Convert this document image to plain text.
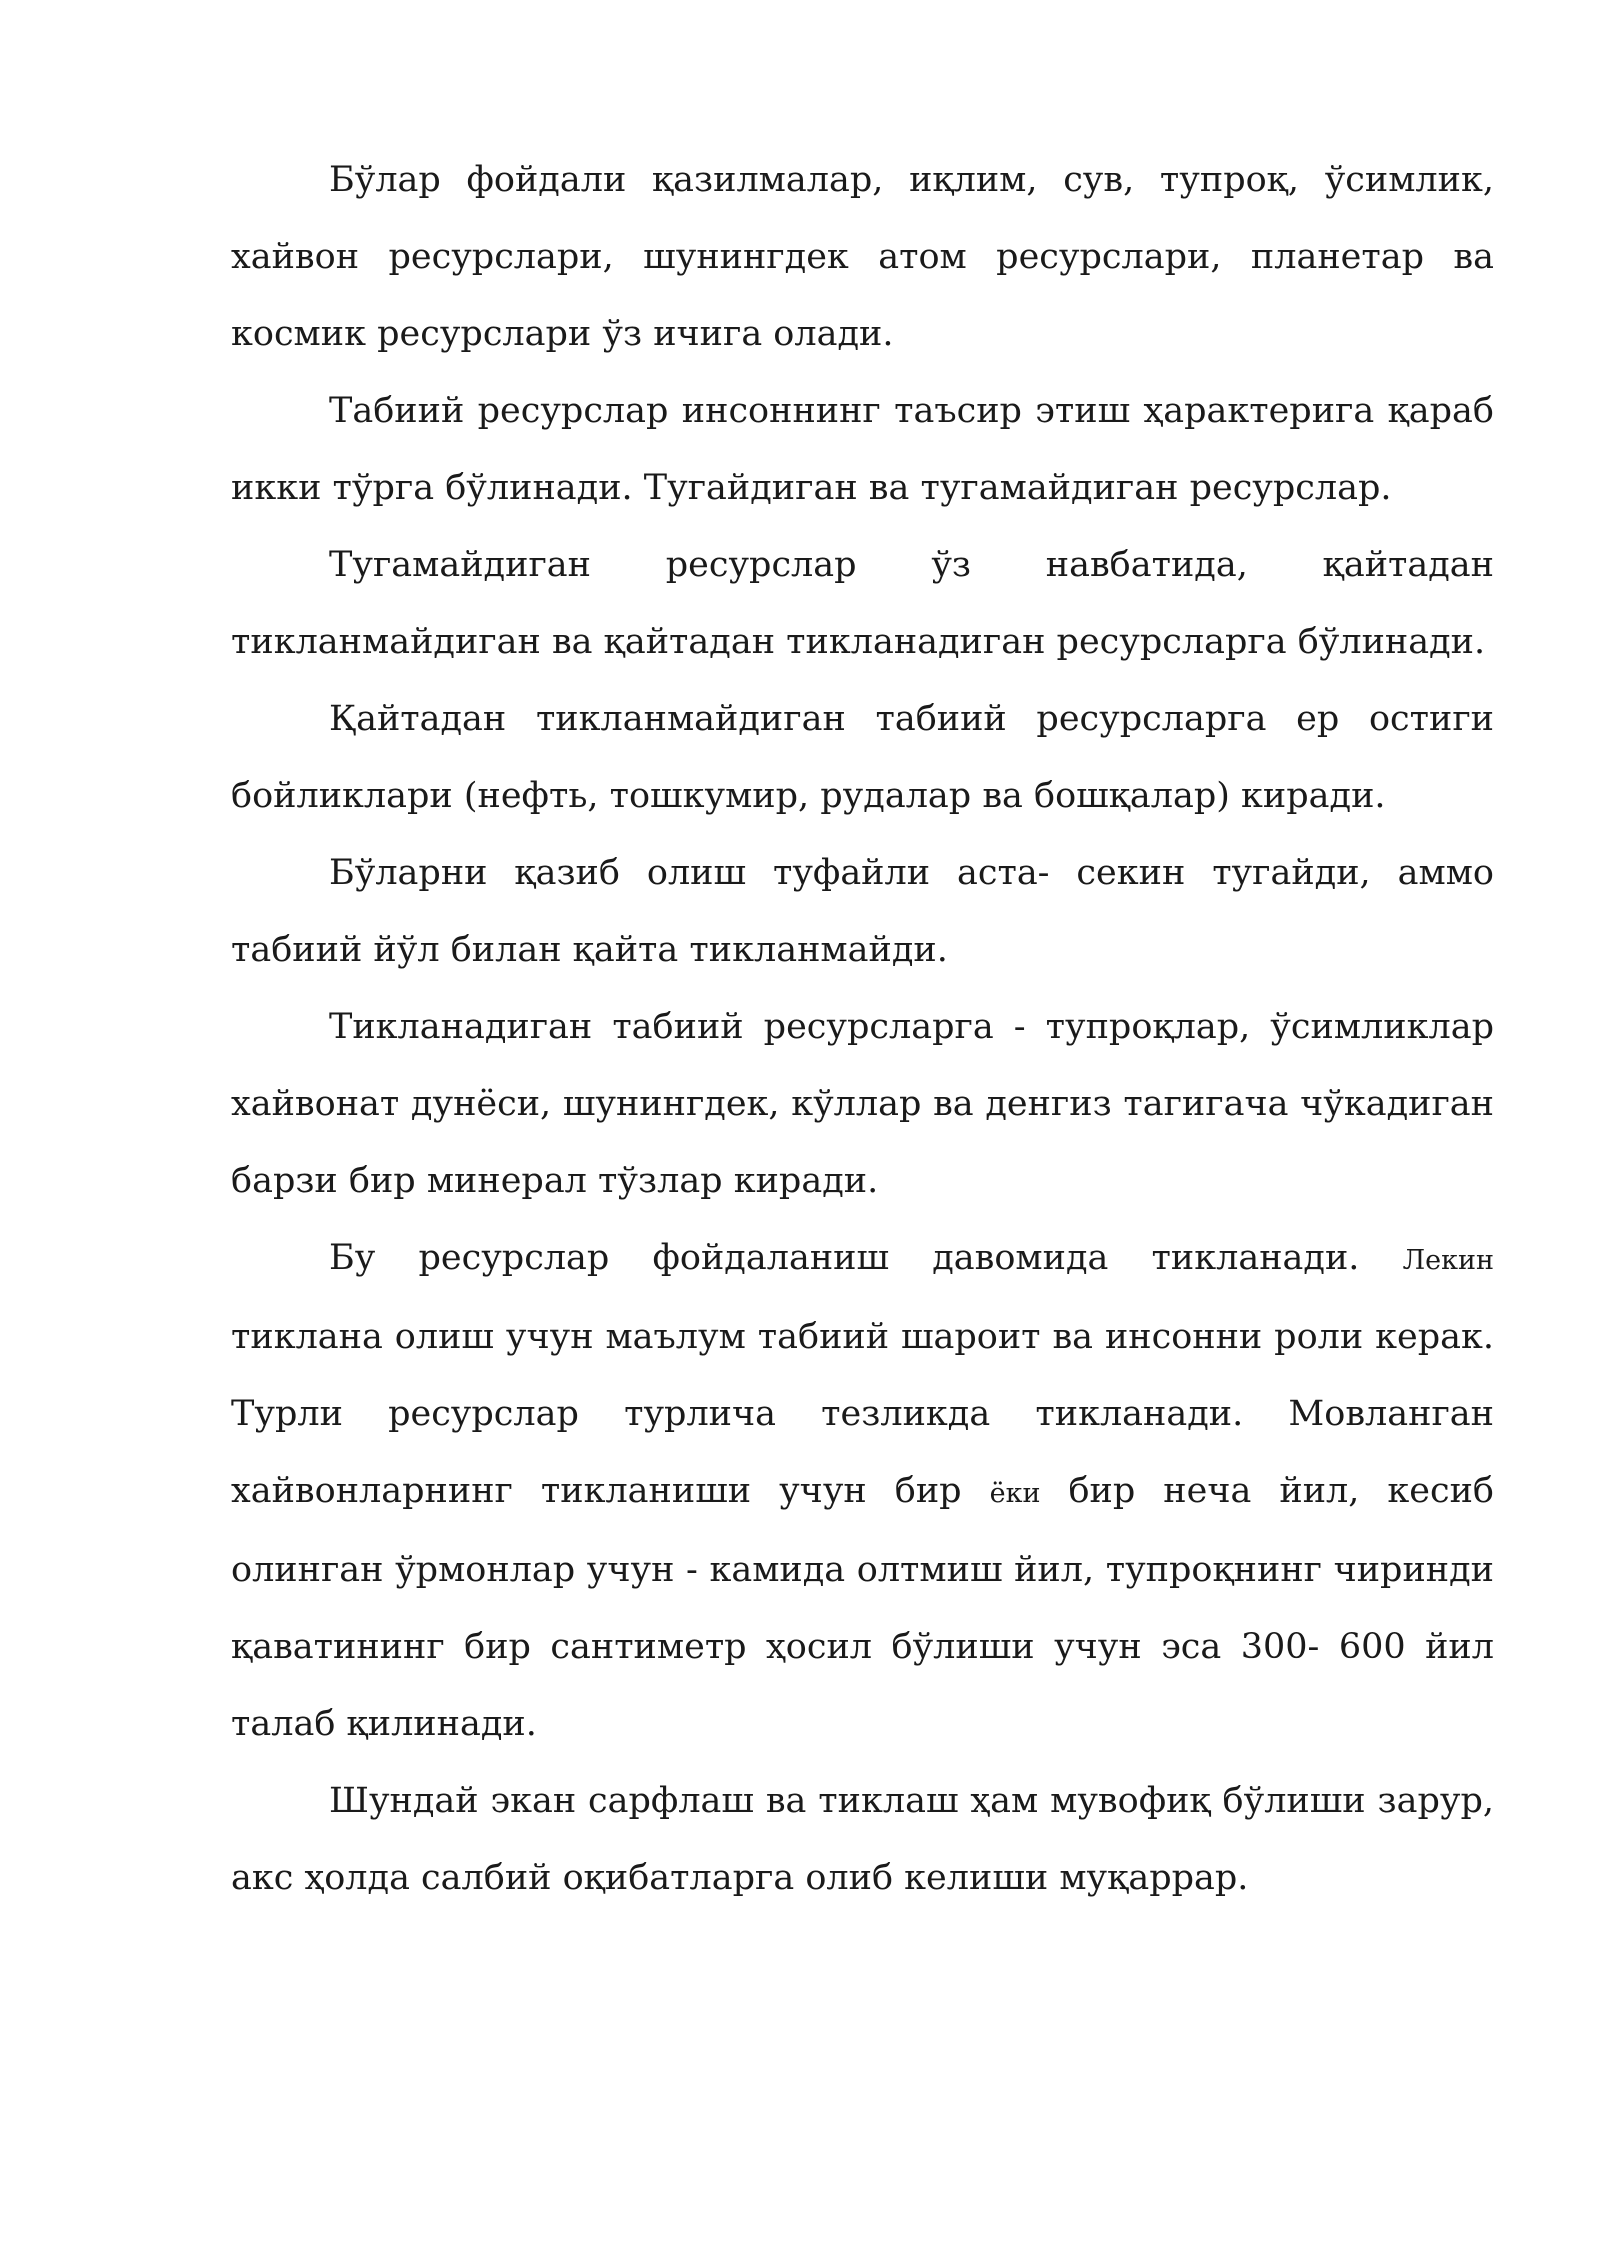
Бўлар фойдали қазилмалар, иқлим, сув, тупроқ, ўсимлик, хайвон ресурслари, шунингдек атом ресурслари, планетар ва космик ресурслари ўз ичига олади.

Табиий ресурслар инсоннинг таъсир этиш ҳарактерига қараб икки тўрга бўлинади. Тугайдиган ва тугамайдиган ресурслар.

Тугамайдиган ресурслар ўз навбатида, қайтадан тикланмайдиган ва қайтадан тикланадиган ресурсларга бўлинади.

Қайтадан тикланмайдиган табиий ресурсларга ер остиги бойликлари (нефть, тошкумир, рудалар ва бошқалар) киради.

Бўларни қазиб олиш туфайли аста- секин тугайди, аммо табиий йўл билан қайта тикланмайди.

Тикланадиган табиий ресурсларга - тупроқлар, ўсимликлар хайвонат дунёси, шунингдек, кўллар ва денгиз тагигача чўкадиган барзи бир минерал тўзлар киради.

Бу ресурслар фойдаланиш давомида тикланади. Лекин тиклана олиш учун маълум табиий шароит ва инсонни роли керак. Турли ресурслар турлича тезликда тикланади. Мовланган хайвонларнинг тикланиши учун бир ёки бир неча йил, кесиб олинган ўрмонлар учун - камида олтмиш йил, тупроқнинг чиринди қаватининг бир сантиметр ҳосил бўлиши учун эса 300- 600 йил талаб қилинади.

Шундай экан сарфлаш ва тиклаш ҳам мувофиқ бўлиши зарур, акс ҳолда салбий оқибатларга олиб келиши муқаррар.
